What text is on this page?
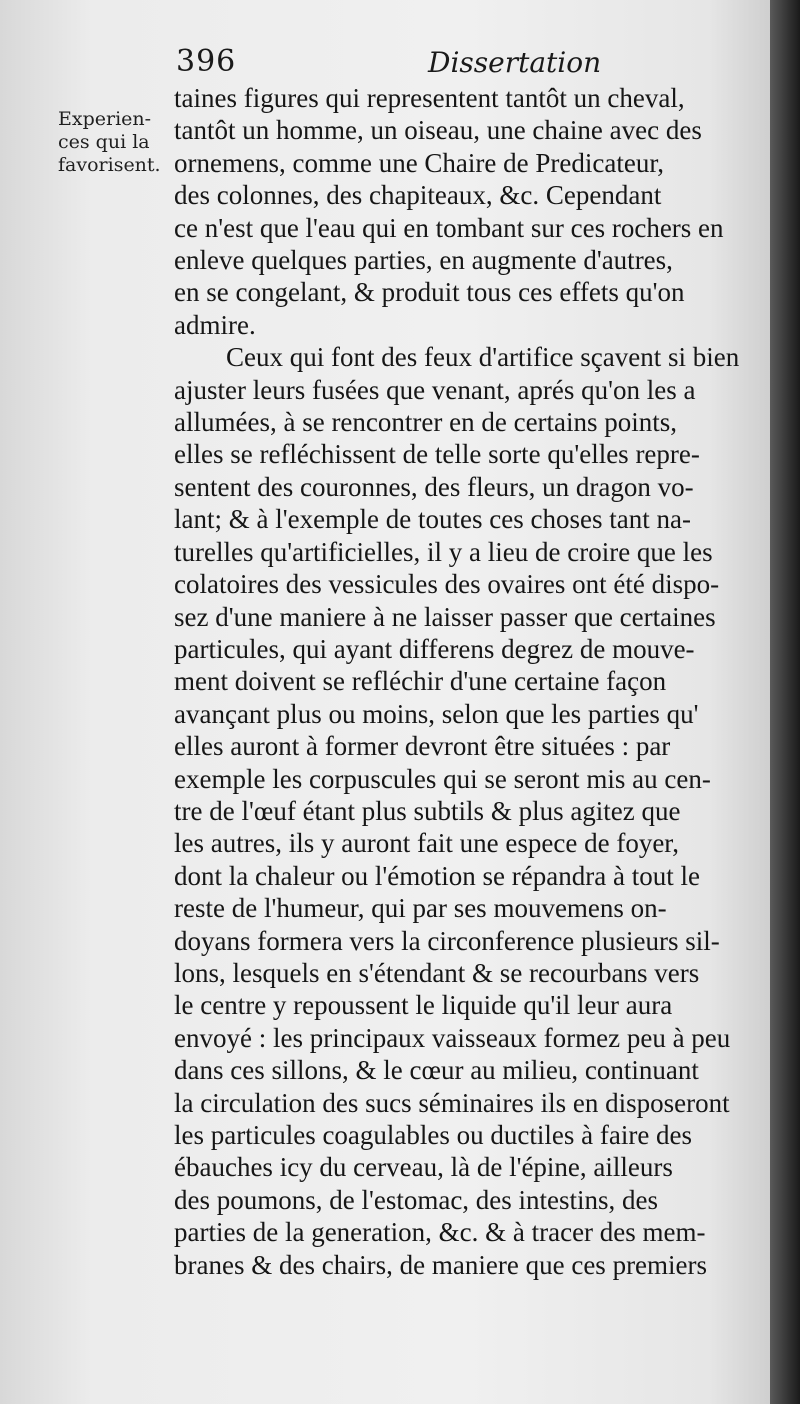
396	Dissertation
Experien-
ces qui la
favorisent.
taines figures qui representent tantôt un cheval,
tantôt un homme, un oiseau, une chaine avec des
ornemens, comme une Chaire de Predicateur,
des colonnes, des chapiteaux, &c. Cependant
ce n'est que l'eau qui en tombant sur ces rochers en
enleve quelques parties, en augmente d'autres,
en se congelant, & produit tous ces effets qu'on
admire.
Ceux qui font des feux d'artifice sçavent si bien
ajuster leurs fusées que venant, aprés qu'on les a
allumées, à se rencontrer en de certains points,
elles se refléchissent de telle sorte qu'elles repre-
sentent des couronnes, des fleurs, un dragon vo-
lant; & à l'exemple de toutes ces choses tant na-
turelles qu'artificielles, il y a lieu de croire que les
colatoires des vessicules des ovaires ont été dispo-
sez d'une maniere à ne laisser passer que certaines
particules, qui ayant differens degrez de mouve-
ment doivent se refléchir d'une certaine façon
avançant plus ou moins, selon que les parties qu'
elles auront à former devront être situées : par
exemple les corpuscules qui se seront mis au cen-
tre de l'œuf étant plus subtils & plus agitez que
les autres, ils y auront fait une espece de foyer,
dont la chaleur ou l'émotion se répandra à tout le
reste de l'humeur, qui par ses mouvemens on-
doyans formera vers la circonference plusieurs sil-
lons, lesquels en s'étendant & se recourbans vers
le centre y repoussent le liquide qu'il leur aura
envoyé : les principaux vaisseaux formez peu à peu
dans ces sillons, & le cœur au milieu, continuant
la circulation des sucs séminaires ils en disposeront
les particules coagulables ou ductiles à faire des
ébauches icy du cerveau, là de l'épine, ailleurs
des poumons, de l'estomac, des intestins, des
parties de la generation, &c. & à tracer des mem-
branes & des chairs, de maniere que ces premiers
